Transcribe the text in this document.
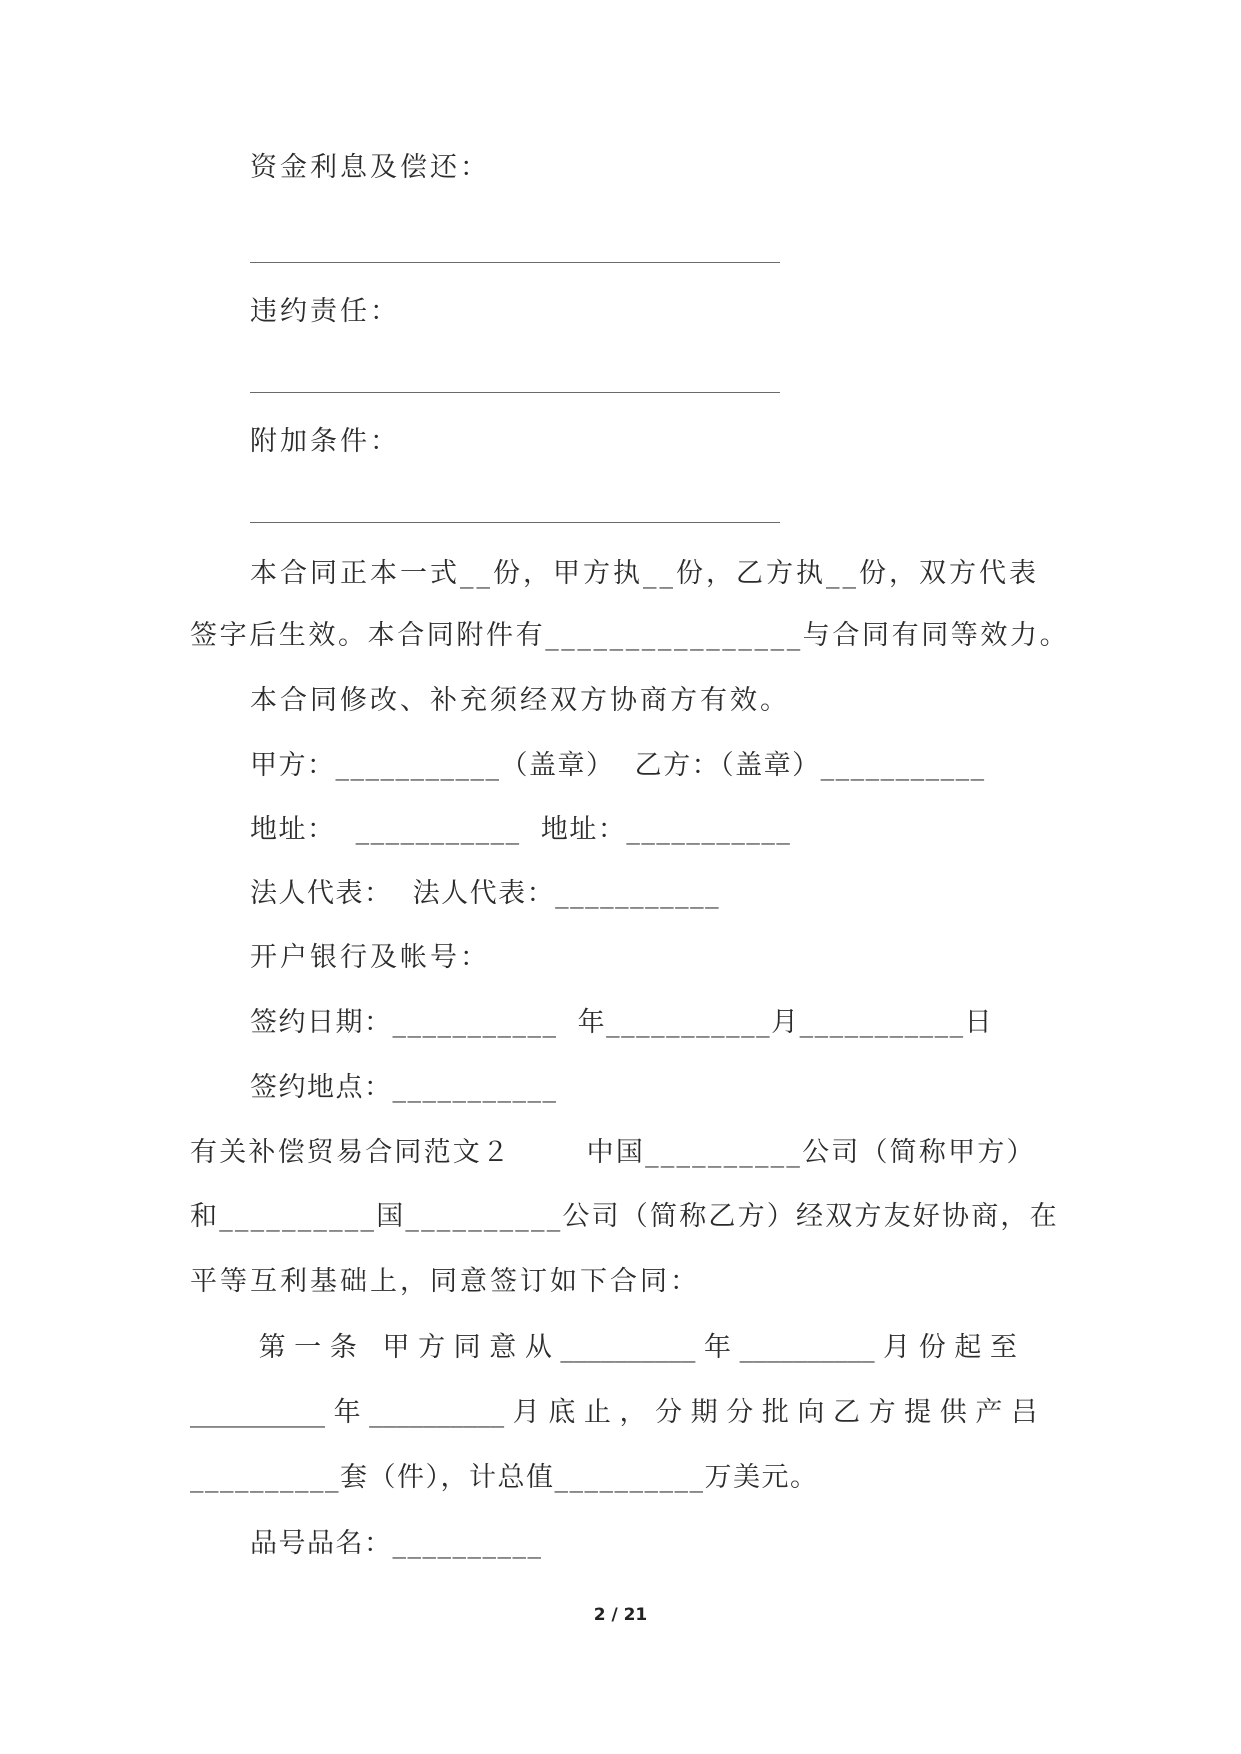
资金利息及偿还：
违约责任：
附加条件：
本合同正本一式__份，甲方执__份，乙方执__份，双方代表
签字后生效。本合同附件有________________与合同有同等效力。
本合同修改、补充须经双方协商方有效。
甲方：___________（盖章）  乙方：（盖章）___________
地址：  ___________  地址：___________
法人代表：  法人代表：___________
开户银行及帐号：
签约日期：___________  年___________月___________日
签约地点：___________
有关补偿贸易合同范文２       中国__________公司（简称甲方）
和__________国__________公司（简称乙方）经双方友好协商，在
平等互利基础上，同意签订如下合同：
第 一 条   甲 方 同 意 从 __________ 年 __________ 月 份 起 至
__________ 年 __________ 月 底 止 ， 分 期 分 批 向 乙 方 提 供 产 吕
__________套（件），计总值__________万美元。
品号品名：__________
2 / 21
